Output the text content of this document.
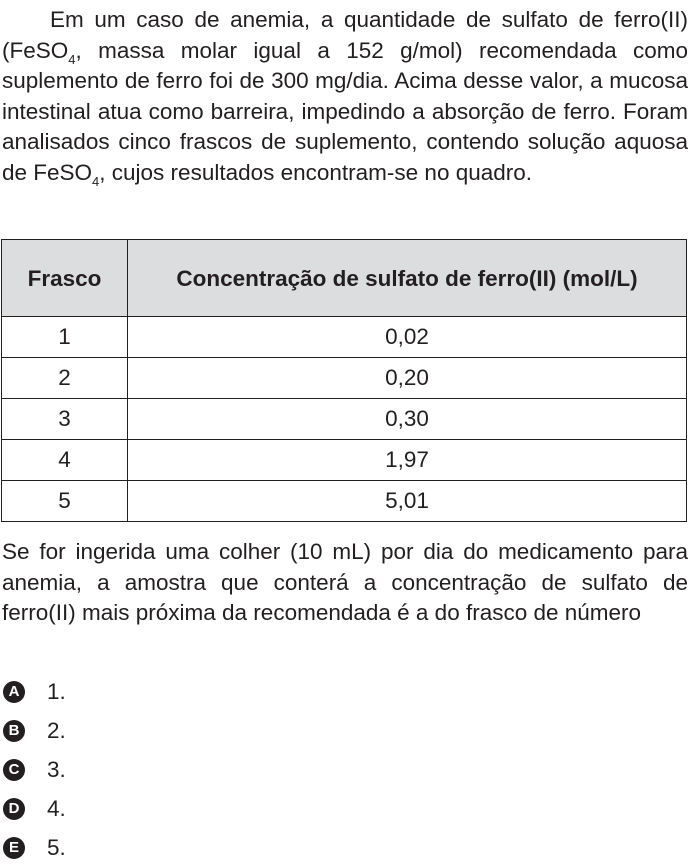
Em um caso de anemia, a quantidade de sulfato de ferro(II) (FeSO$_4$, massa molar igual a 152 g/mol) recomendada como suplemento de ferro foi de 300 mg/dia. Acima desse valor, a mucosa intestinal atua como barreira, impedindo a absorção de ferro. Foram analisados cinco frascos de suplemento, contendo solução aquosa de FeSO$_4$, cujos resultados encontram-se no quadro.

Frasco	Concentração de sulfato de ferro(II) (mol/L)
1	0,02
2	0,20
3	0,30
4	1,97
5	5,01

Se for ingerida uma colher (10 mL) por dia do medicamento para anemia, a amostra que conterá a concentração de sulfato de ferro(II) mais próxima da recomendada é a do frasco de número

A 1.
B 2.
C 3.
D 4.
E 5.
